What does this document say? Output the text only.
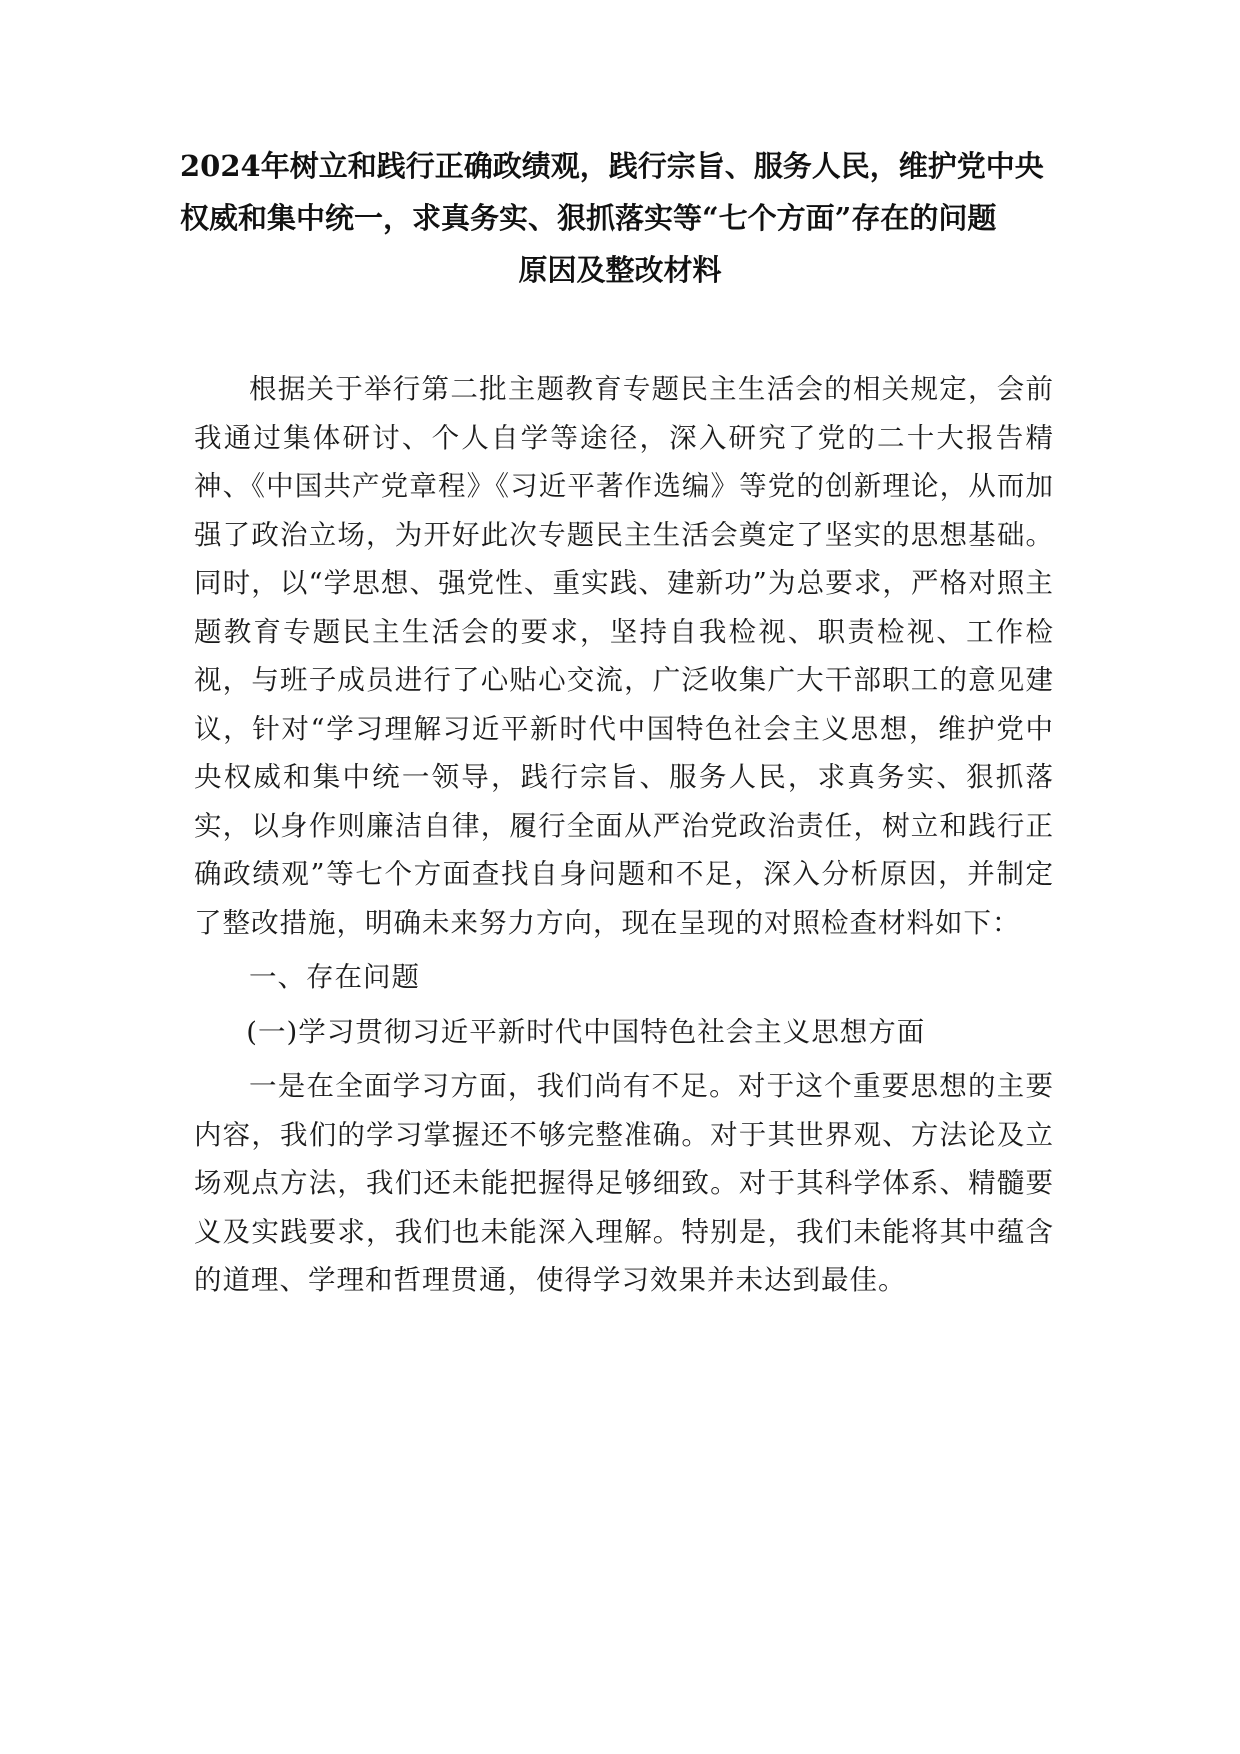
2024年树立和践行正确政绩观，践行宗旨、服务人民，维护党中央
权威和集中统一，求真务实、狠抓落实等“七个方面”存在的问题
原因及整改材料

根据关于举行第二批主题教育专题民主生活会的相关规定，会前我通过集体研讨、个人自学等途径，深入研究了党的二十大报告精神、《中国共产党章程》《习近平著作选编》等党的创新理论，从而加强了政治立场，为开好此次专题民主生活会奠定了坚实的思想基础。同时，以“学思想、强党性、重实践、建新功”为总要求，严格对照主题教育专题民主生活会的要求，坚持自我检视、职责检视、工作检视，与班子成员进行了心贴心交流，广泛收集广大干部职工的意见建议，针对“学习理解习近平新时代中国特色社会主义思想，维护党中央权威和集中统一领导，践行宗旨、服务人民，求真务实、狠抓落实，以身作则廉洁自律，履行全面从严治党政治责任，树立和践行正确政绩观”等七个方面查找自身问题和不足，深入分析原因，并制定了整改措施，明确未来努力方向，现在呈现的对照检查材料如下：

一、存在问题

(一)学习贯彻习近平新时代中国特色社会主义思想方面

一是在全面学习方面，我们尚有不足。对于这个重要思想的主要内容，我们的学习掌握还不够完整准确。对于其世界观、方法论及立场观点方法，我们还未能把握得足够细致。对于其科学体系、精髓要义及实践要求，我们也未能深入理解。特别是，我们未能将其中蕴含的道理、学理和哲理贯通，使得学习效果并未达到最佳。
